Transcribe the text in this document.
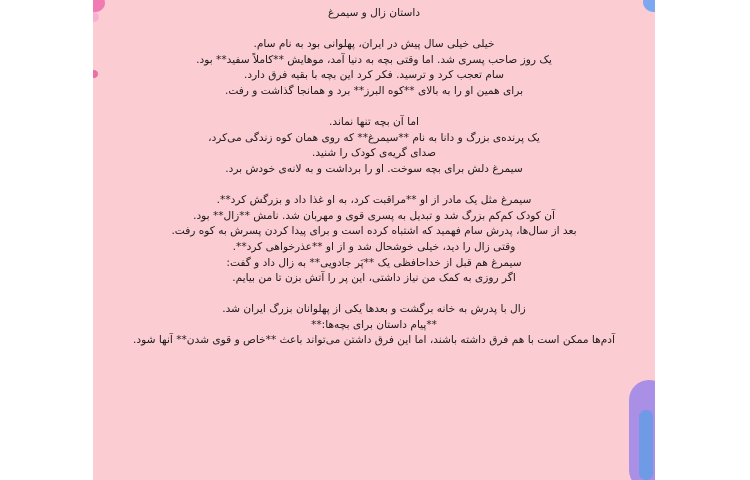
داستان زال و سیمرغ

خیلی خیلی سال پیش در ایران، پهلوانی بود به نام سام.

یک روز صاحب پسری شد. اما وقتی بچه به دنیا آمد، موهایش **کاملاً سفید** بود.

سام تعجب کرد و ترسید. فکر کرد این بچه با بقیه فرق دارد.

برای همین او را به بالای **کوه البرز** برد و همانجا گذاشت و رفت.

اما آن بچه تنها نماند.

یک پرنده‌ی بزرگ و دانا به نام **سیمرغ** که روی همان کوه زندگی می‌کرد،

صدای گریه‌ی کودک را شنید.

سیمرغ دلش برای بچه سوخت. او را برداشت و به لانه‌ی خودش برد.

سیمرغ مثل یک مادر از او **مراقبت کرد، به او غذا داد و بزرگش کرد**.

آن کودک کم‌کم بزرگ شد و تبدیل به پسری قوی و مهربان شد. نامش **زال** بود.

بعد از سال‌ها، پدرش سام فهمید که اشتباه کرده است و برای پیدا کردن پسرش به کوه رفت.

وقتی زال را دید، خیلی خوشحال شد و از او **عذرخواهی کرد**.

سیمرغ هم قبل از خداحافظی یک **پَر جادویی** به زال داد و گفت:

اگر روزی به کمک من نیاز داشتی، این پر را آتش بزن تا من بیایم.

زال با پدرش به خانه برگشت و بعدها یکی از پهلوانان بزرگ ایران شد.

**پیام داستان برای بچه‌ها:**

آدم‌ها ممکن است با هم فرق داشته باشند، اما این فرق داشتن می‌تواند باعث **خاص و قوی شدن** آنها شود.
